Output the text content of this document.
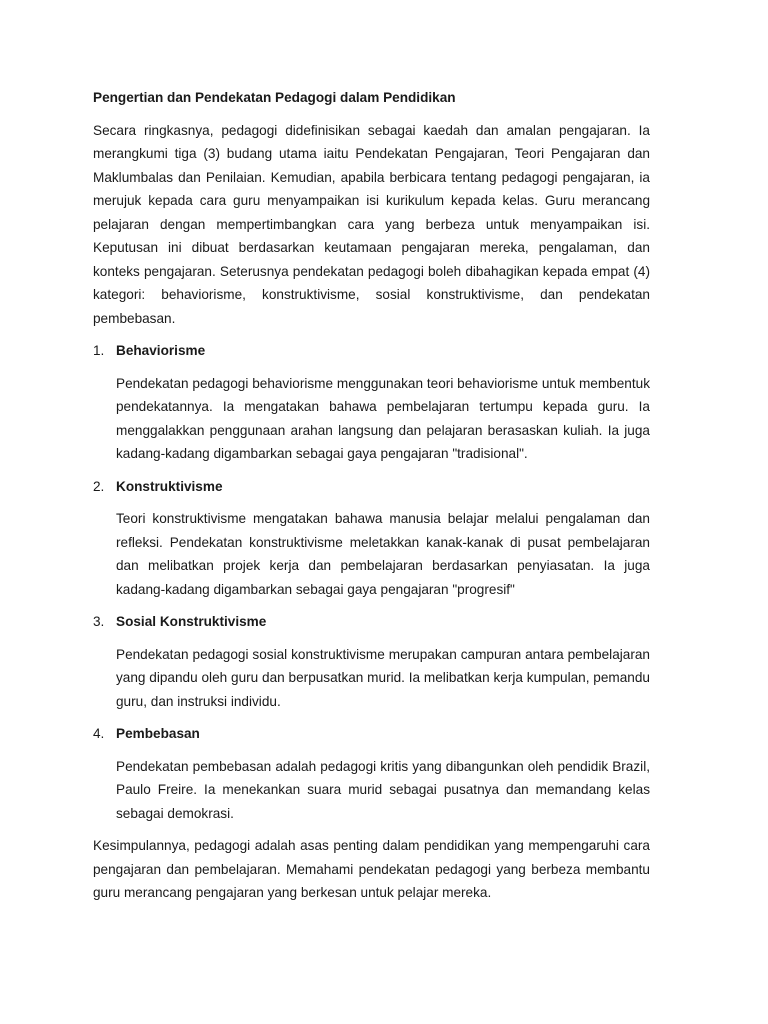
Pengertian dan Pendekatan Pedagogi dalam Pendidikan
Secara ringkasnya, pedagogi didefinisikan sebagai kaedah dan amalan pengajaran. Ia merangkumi tiga (3) budang utama iaitu Pendekatan Pengajaran, Teori Pengajaran dan Maklumbalas dan Penilaian. Kemudian, apabila berbicara tentang pedagogi pengajaran, ia merujuk kepada cara guru menyampaikan isi kurikulum kepada kelas. Guru merancang pelajaran dengan mempertimbangkan cara yang berbeza untuk menyampaikan isi. Keputusan ini dibuat berdasarkan keutamaan pengajaran mereka, pengalaman, dan konteks pengajaran. Seterusnya pendekatan pedagogi boleh dibahagikan kepada empat (4) kategori: behaviorisme, konstruktivisme, sosial konstruktivisme, dan pendekatan pembebasan.
1. Behaviorisme
Pendekatan pedagogi behaviorisme menggunakan teori behaviorisme untuk membentuk pendekatannya. Ia mengatakan bahawa pembelajaran tertumpu kepada guru. Ia menggalakkan penggunaan arahan langsung dan pelajaran berasaskan kuliah. Ia juga kadang-kadang digambarkan sebagai gaya pengajaran "tradisional".
2. Konstruktivisme
Teori konstruktivisme mengatakan bahawa manusia belajar melalui pengalaman dan refleksi. Pendekatan konstruktivisme meletakkan kanak-kanak di pusat pembelajaran dan melibatkan projek kerja dan pembelajaran berdasarkan penyiasatan. Ia juga kadang-kadang digambarkan sebagai gaya pengajaran "progresif"
3. Sosial Konstruktivisme
Pendekatan pedagogi sosial konstruktivisme merupakan campuran antara pembelajaran yang dipandu oleh guru dan berpusatkan murid. Ia melibatkan kerja kumpulan, pemandu guru, dan instruksi individu.
4. Pembebasan
Pendekatan pembebasan adalah pedagogi kritis yang dibangunkan oleh pendidik Brazil, Paulo Freire. Ia menekankan suara murid sebagai pusatnya dan memandang kelas sebagai demokrasi.
Kesimpulannya, pedagogi adalah asas penting dalam pendidikan yang mempengaruhi cara pengajaran dan pembelajaran. Memahami pendekatan pedagogi yang berbeza membantu guru merancang pengajaran yang berkesan untuk pelajar mereka.
